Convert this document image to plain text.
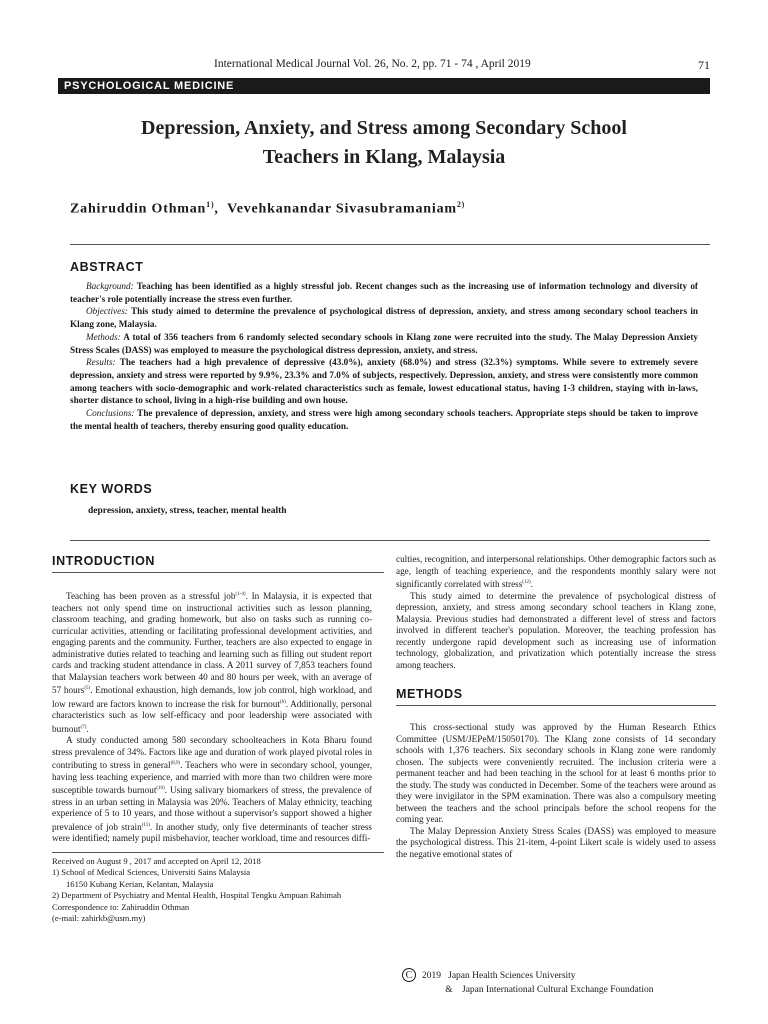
International Medical Journal Vol. 26, No. 2, pp. 71 - 74 , April 2019	71
PSYCHOLOGICAL MEDICINE
Depression, Anxiety, and Stress among Secondary School
Teachers in Klang, Malaysia
Zahiruddin Othman$^{1)}$,  Vevehkanandar Sivasubramaniam$^{2)}$
ABSTRACT

Background: Teaching has been identified as a highly stressful job. Recent changes such as the increasing use of information technology and diversity of teacher's role potentially increase the stress even further.

Objectives: This study aimed to determine the prevalence of psychological distress of depression, anxiety, and stress among secondary school teachers in Klang zone, Malaysia.

Methods: A total of 356 teachers from 6 randomly selected secondary schools in Klang zone were recruited into the study. The Malay Depression Anxiety Stress Scales (DASS) was employed to measure the psychological distress depression, anxiety, and stress.

Results: The teachers had a high prevalence of depressive (43.0%), anxiety (68.0%) and stress (32.3%) symptoms. While severe to extremely severe depression, anxiety and stress were reported by 9.9%, 23.3% and 7.0% of subjects, respectively. Depression, anxiety, and stress were consistently more common among teachers with socio-demographic and work-related characteristics such as female, lowest educational status, having 1-3 children, staying with in-laws, shorter distance to school, living in a high-rise building and own house.

Conclusions: The prevalence of depression, anxiety, and stress were high among secondary schools teachers. Appropriate steps should be taken to improve the mental health of teachers, thereby ensuring good quality education.

KEY WORDS
depression, anxiety, stress, teacher, mental health
INTRODUCTION

Teaching has been proven as a stressful job$^{(1-4)}$. In Malaysia, it is expected that teachers not only spend time on instructional activities such as lesson planning, classroom teaching, and grading homework, but also on tasks such as running co-curricular activities, attending or facilitating professional development activities, and engaging parents and the community. Further, teachers are also expected to engage in administrative duties related to teaching and learning such as filling out student report cards and tracking student attendance in class. A 2011 survey of 7,853 teachers found that Malaysian teachers work between 40 and 80 hours per week, with an average of 57 hours$^{(5)}$. Emotional exhaustion, high demands, low job control, high workload, and low reward are factors known to increase the risk for burnout$^{(6)}$. Additionally, personal characteristics such as low self-efficacy and poor leadership were associated with burnout$^{(7)}$.

A study conducted among 580 secondary schoolteachers in Kota Bharu found stress prevalence of 34%. Factors like age and duration of work played pivotal roles in contributing to stress in general$^{(8,9)}$. Teachers who were in secondary school, younger, having less teaching experience, and married with more than two children were more susceptible towards burnout$^{(10)}$. Using salivary biomarkers of stress, the prevalence of stress in an urban setting in Malaysia was 20%. Teachers of Malay ethnicity, teaching experience of 5 to 10 years, and those without a supervisor's support showed a higher prevalence of job strain$^{(11)}$. In another study, only five determinants of teacher stress were identified; namely pupil misbehavior, teacher workload, time and resources diffi-

culties, recognition, and interpersonal relationships. Other demographic factors such as age, length of teaching experience, and the respondents monthly salary were not significantly correlated with stress$^{(12)}$.

This study aimed to determine the prevalence of psychological distress of depression, anxiety, and stress among secondary school teachers in Klang zone, Malaysia. Previous studies had demonstrated a different level of stress and factors involved in different teacher's population. Moreover, the teaching profession has recently undergone rapid development such as increasing use of information technology, globalization, and privatization which potentially increase the stress among teachers.

METHODS

This cross-sectional study was approved by the Human Research Ethics Committee (USM/JEPeM/15050170). The Klang zone consists of 14 secondary schools with 1,376 teachers. Six secondary schools in Klang zone were randomly chosen. The subjects were conveniently recruited. The inclusion criteria were a permanent teacher and had been teaching in the school for at least 6 months prior to the study. The study was conducted in December. Some of the teachers were around as they were invigilator in the SPM examination. There was also a compulsory meeting between the teachers and the school principals before the school reopens for the coming year.

The Malay Depression Anxiety Stress Scales (DASS) was employed to measure the psychological distress. This 21-item, 4-point Likert scale is widely used to assess the negative emotional states of

Received on August 9 , 2017 and accepted on April 12, 2018
1) School of Medical Sciences, Universiti Sains Malaysia
16150 Kubang Kerian, Kelantan, Malaysia
2) Department of Psychiatry and Mental Health, Hospital Tengku Ampuan Rahimah
Correspondence to: Zahiruddin Othman
(e-mail: zahirkb@usm.my)
C 2019   Japan Health Sciences University
& Japan International Cultural Exchange Foundation
